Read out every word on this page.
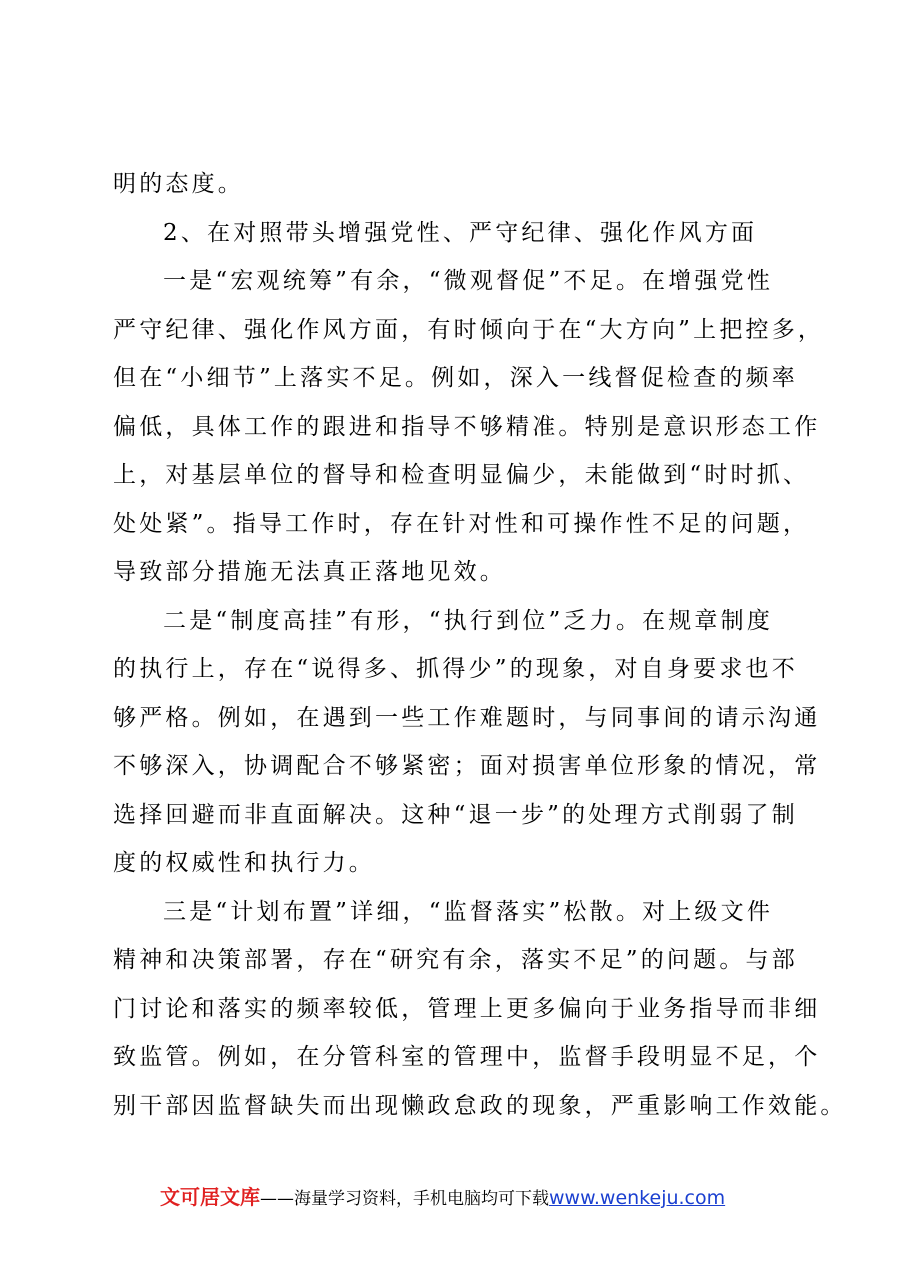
明的态度。
2、在对照带头增强党性、严守纪律、强化作风方面
一是“宏观统筹”有余，“微观督促”不足。在增强党性
严守纪律、强化作风方面，有时倾向于在“大方向”上把控多，
但在“小细节”上落实不足。例如，深入一线督促检查的频率
偏低，具体工作的跟进和指导不够精准。特别是意识形态工作
上，对基层单位的督导和检查明显偏少，未能做到“时时抓、
处处紧”。指导工作时，存在针对性和可操作性不足的问题，
导致部分措施无法真正落地见效。
二是“制度高挂”有形，“执行到位”乏力。在规章制度
的执行上，存在“说得多、抓得少”的现象，对自身要求也不
够严格。例如，在遇到一些工作难题时，与同事间的请示沟通
不够深入，协调配合不够紧密；面对损害单位形象的情况，常
选择回避而非直面解决。这种“退一步”的处理方式削弱了制
度的权威性和执行力。
三是“计划布置”详细，“监督落实”松散。对上级文件
精神和决策部署，存在“研究有余，落实不足”的问题。与部
门讨论和落实的频率较低，管理上更多偏向于业务指导而非细
致监管。例如，在分管科室的管理中，监督手段明显不足，个
别干部因监督缺失而出现懒政怠政的现象，严重影响工作效能。
文可居文库——海量学习资料，手机电脑均可下载www.wenkeju.com
